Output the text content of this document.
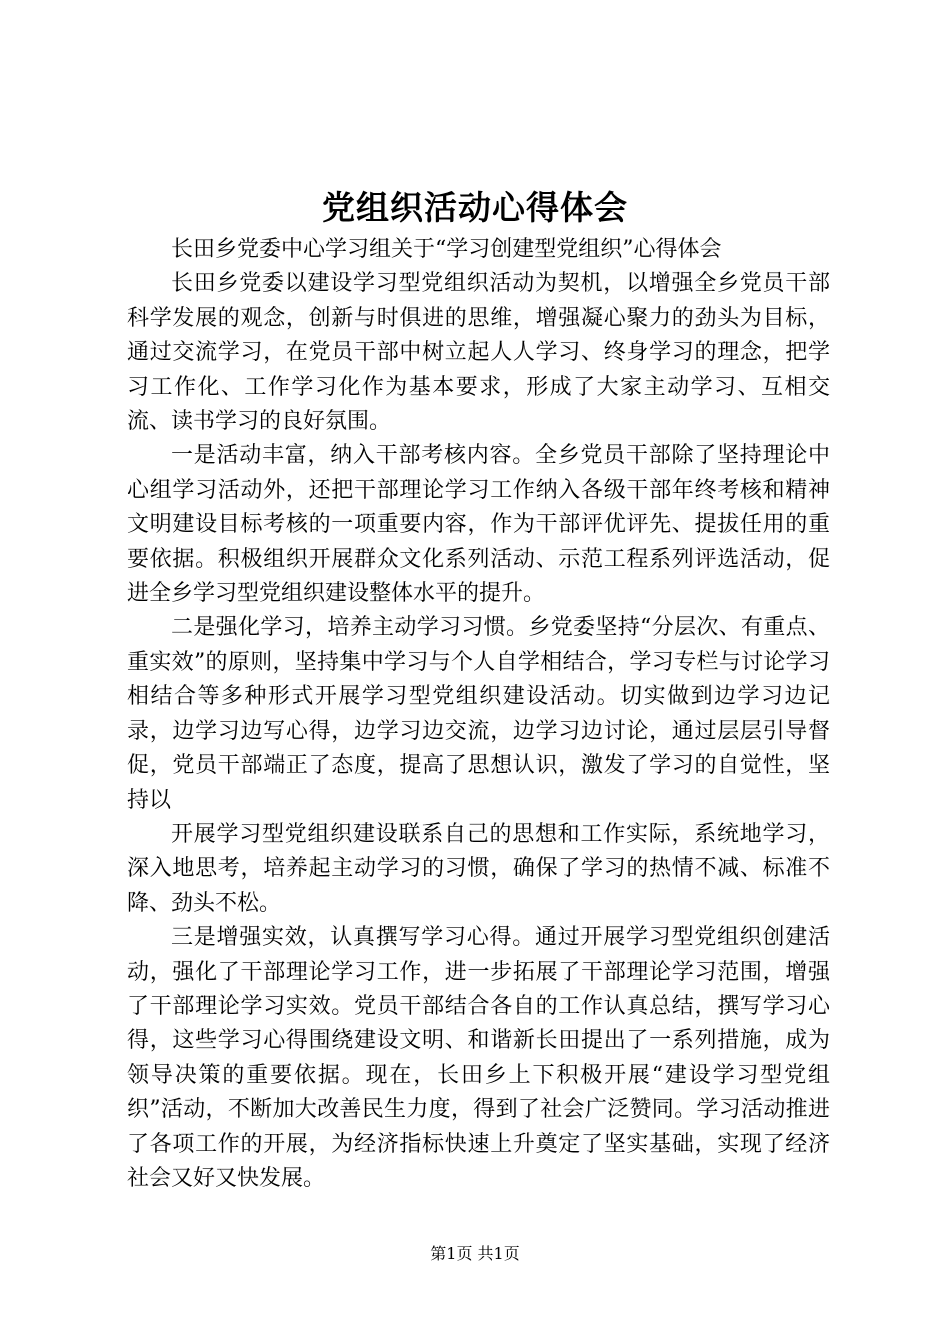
党组织活动心得体会

长田乡党委中心学习组关于“学习创建型党组织”心得体会

长田乡党委以建设学习型党组织活动为契机，以增强全乡党员干部科学发展的观念，创新与时俱进的思维，增强凝心聚力的劲头为目标，通过交流学习，在党员干部中树立起人人学习、终身学习的理念，把学习工作化、工作学习化作为基本要求，形成了大家主动学习、互相交流、读书学习的良好氛围。

一是活动丰富，纳入干部考核内容。全乡党员干部除了坚持理论中心组学习活动外，还把干部理论学习工作纳入各级干部年终考核和精神文明建设目标考核的一项重要内容，作为干部评优评先、提拔任用的重要依据。积极组织开展群众文化系列活动、示范工程系列评选活动，促进全乡学习型党组织建设整体水平的提升。

二是强化学习，培养主动学习习惯。乡党委坚持“分层次、有重点、重实效”的原则，坚持集中学习与个人自学相结合，学习专栏与讨论学习相结合等多种形式开展学习型党组织建设活动。切实做到边学习边记录，边学习边写心得，边学习边交流，边学习边讨论，通过层层引导督促，党员干部端正了态度，提高了思想认识，激发了学习的自觉性，坚持以

开展学习型党组织建设联系自己的思想和工作实际，系统地学习，深入地思考，培养起主动学习的习惯，确保了学习的热情不减、标准不降、劲头不松。

三是增强实效，认真撰写学习心得。通过开展学习型党组织创建活动，强化了干部理论学习工作，进一步拓展了干部理论学习范围，增强了干部理论学习实效。党员干部结合各自的工作认真总结，撰写学习心得，这些学习心得围绕建设文明、和谐新长田提出了一系列措施，成为领导决策的重要依据。现在，长田乡上下积极开展“建设学习型党组织”活动，不断加大改善民生力度，得到了社会广泛赞同。学习活动推进了各项工作的开展，为经济指标快速上升奠定了坚实基础，实现了经济社会又好又快发展。

第1页 共1页
